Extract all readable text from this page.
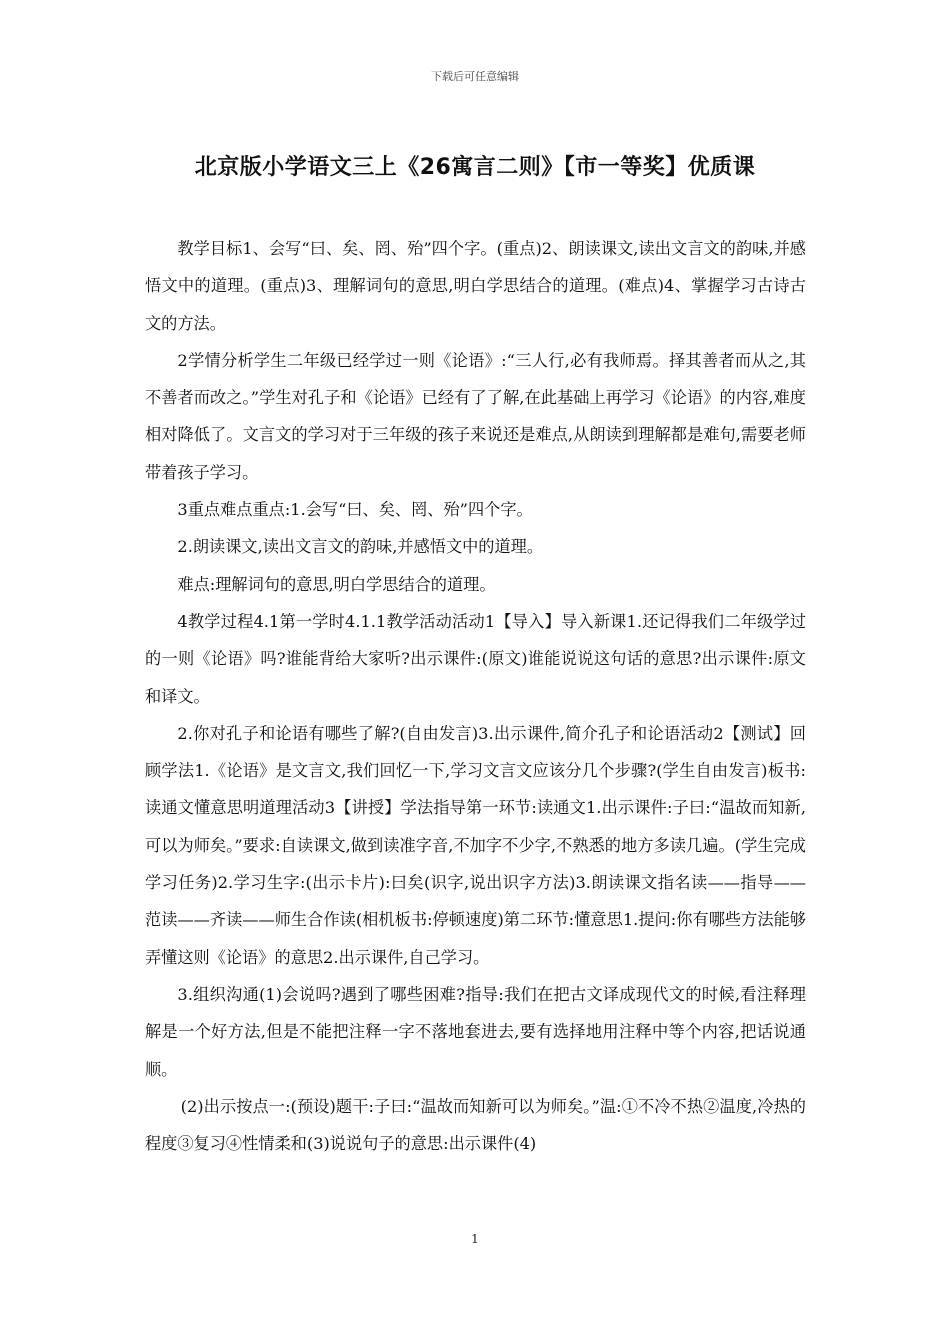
下载后可任意编辑
北京版小学语文三上《26寓言二则》【市一等奖】优质课

教学目标1、会写“曰、矣、罔、殆”四个字。(重点)2、朗读课文,读出文言文的韵味,并感悟文中的道理。(重点)3、理解词句的意思,明白学思结合的道理。(难点)4、掌握学习古诗古文的方法。

2学情分析学生二年级已经学过一则《论语》:“三人行,必有我师焉。择其善者而从之,其不善者而改之。”学生对孔子和《论语》已经有了了解,在此基础上再学习《论语》的内容,难度相对降低了。文言文的学习对于三年级的孩子来说还是难点,从朗读到理解都是难句,需要老师带着孩子学习。

3重点难点重点:1.会写“曰、矣、罔、殆”四个字。

2.朗读课文,读出文言文的韵味,并感悟文中的道理。

难点:理解词句的意思,明白学思结合的道理。

4教学过程4.1第一学时4.1.1教学活动活动1【导入】导入新课1.还记得我们二年级学过的一则《论语》吗?谁能背给大家听?出示课件:(原文)谁能说说这句话的意思?出示课件:原文和译文。

2.你对孔子和论语有哪些了解?(自由发言)3.出示课件,简介孔子和论语活动2【测试】回顾学法1.《论语》是文言文,我们回忆一下,学习文言文应该分几个步骤?(学生自由发言)板书:读通文懂意思明道理活动3【讲授】学法指导第一环节:读通文1.出示课件:子曰:“温故而知新,可以为师矣。”要求:自读课文,做到读准字音,不加字不少字,不熟悉的地方多读几遍。(学生完成学习任务)2.学习生字:(出示卡片):曰矣(识字,说出识字方法)3.朗读课文指名读——指导——范读——齐读——师生合作读(相机板书:停顿速度)第二环节:懂意思1.提问:你有哪些方法能够弄懂这则《论语》的意思2.出示课件,自己学习。

3.组织沟通(1)会说吗?遇到了哪些困难?指导:我们在把古文译成现代文的时候,看注释理解是一个好方法,但是不能把注释一字不落地套进去,要有选择地用注释中等个内容,把话说通顺。

(2)出示按点一:(预设)题干:子曰:“温故而知新可以为师矣。”温:①不冷不热②温度,冷热的程度③复习④性情柔和(3)说说句子的意思:出示课件(4)

1
